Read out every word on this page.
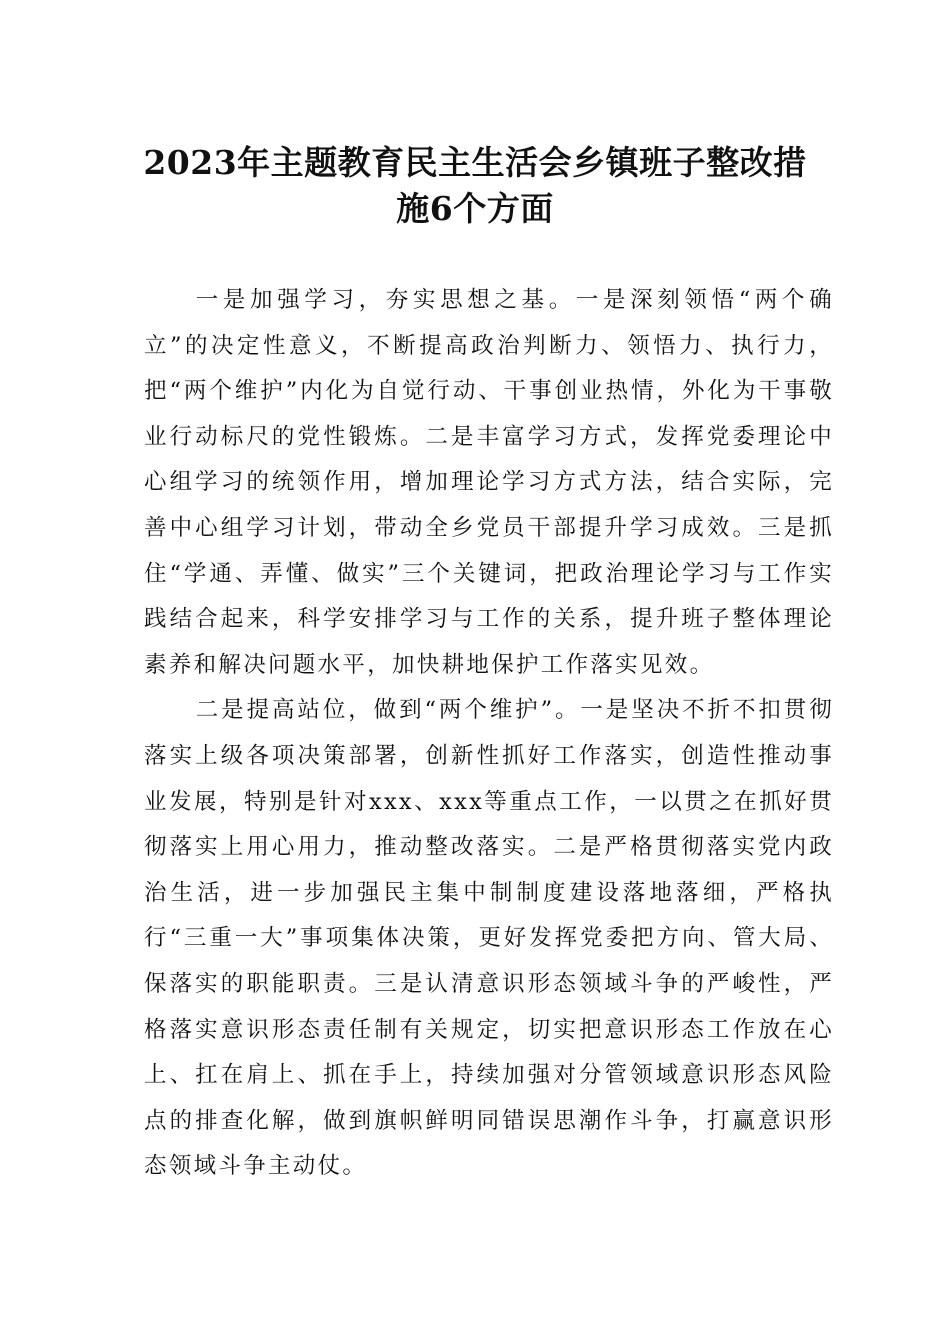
2023年主题教育民主生活会乡镇班子整改措
施6个方面

一是加强学习，夯实思想之基。一是深刻领悟“两个确立”的决定性意义，不断提高政治判断力、领悟力、执行力，把“两个维护”内化为自觉行动、干事创业热情，外化为干事敬业行动标尺的党性锻炼。二是丰富学习方式，发挥党委理论中心组学习的统领作用，增加理论学习方式方法，结合实际，完善中心组学习计划，带动全乡党员干部提升学习成效。三是抓住“学通、弄懂、做实”三个关键词，把政治理论学习与工作实践结合起来，科学安排学习与工作的关系，提升班子整体理论素养和解决问题水平，加快耕地保护工作落实见效。

二是提高站位，做到“两个维护”。一是坚决不折不扣贯彻落实上级各项决策部署，创新性抓好工作落实，创造性推动事业发展，特别是针对xxx、xxx等重点工作，一以贯之在抓好贯彻落实上用心用力，推动整改落实。二是严格贯彻落实党内政治生活，进一步加强民主集中制制度建设落地落细，严格执行“三重一大”事项集体决策，更好发挥党委把方向、管大局、保落实的职能职责。三是认清意识形态领域斗争的严峻性，严格落实意识形态责任制有关规定，切实把意识形态工作放在心上、扛在肩上、抓在手上，持续加强对分管领域意识形态风险点的排查化解，做到旗帜鲜明同错误思潮作斗争，打赢意识形态领域斗争主动仗。
